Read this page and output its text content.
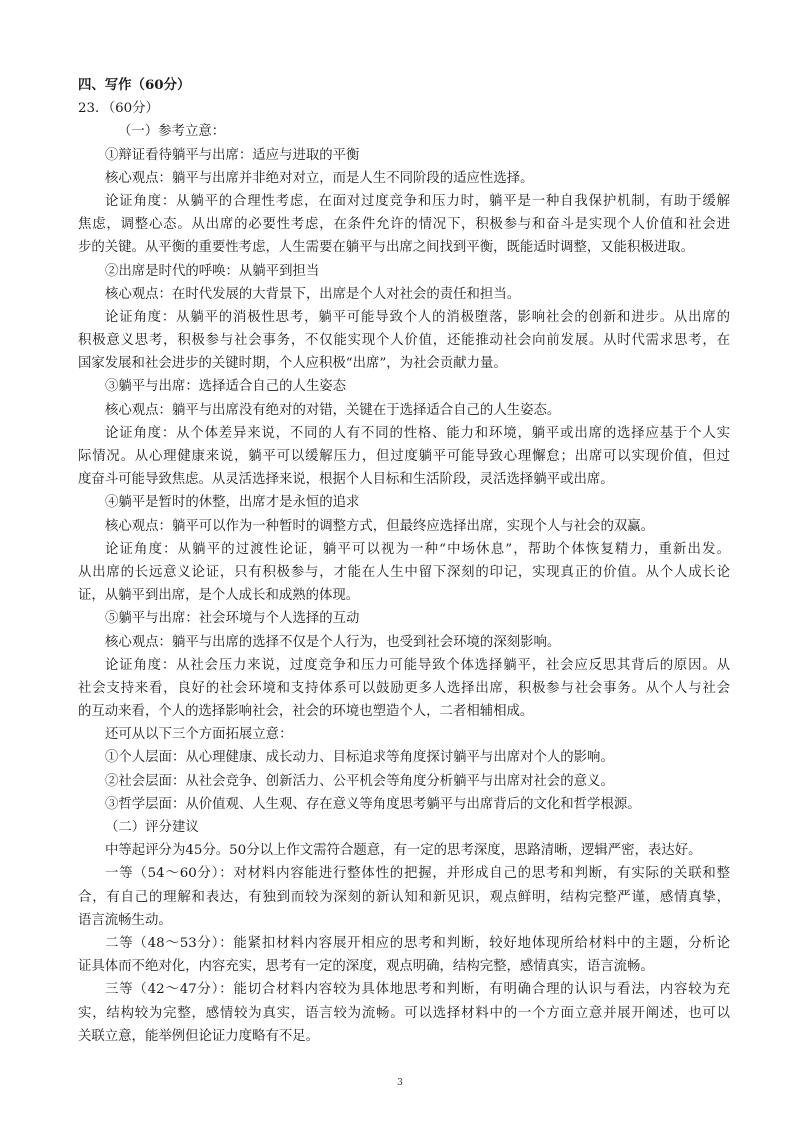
四、写作（60分）
23．（60分）
（一）参考立意：
①辩证看待躺平与出席：适应与进取的平衡
核心观点：躺平与出席并非绝对对立，而是人生不同阶段的适应性选择。
论证角度：从躺平的合理性考虑，在面对过度竞争和压力时，躺平是一种自我保护机制，有助于缓解
焦虑，调整心态。从出席的必要性考虑，在条件允许的情况下，积极参与和奋斗是实现个人价值和社会进
步的关键。从平衡的重要性考虑，人生需要在躺平与出席之间找到平衡，既能适时调整，又能积极进取。
②出席是时代的呼唤：从躺平到担当
核心观点：在时代发展的大背景下，出席是个人对社会的责任和担当。
论证角度：从躺平的消极性思考，躺平可能导致个人的消极堕落，影响社会的创新和进步。从出席的
积极意义思考，积极参与社会事务，不仅能实现个人价值，还能推动社会向前发展。从时代需求思考，在
国家发展和社会进步的关键时期，个人应积极“出席”，为社会贡献力量。
③躺平与出席：选择适合自己的人生姿态
核心观点：躺平与出席没有绝对的对错，关键在于选择适合自己的人生姿态。
论证角度：从个体差异来说，不同的人有不同的性格、能力和环境，躺平或出席的选择应基于个人实
际情况。从心理健康来说，躺平可以缓解压力，但过度躺平可能导致心理懈怠；出席可以实现价值，但过
度奋斗可能导致焦虑。从灵活选择来说，根据个人目标和生活阶段，灵活选择躺平或出席。
④躺平是暂时的休整，出席才是永恒的追求
核心观点：躺平可以作为一种暂时的调整方式，但最终应选择出席，实现个人与社会的双赢。
论证角度：从躺平的过渡性论证，躺平可以视为一种“中场休息”，帮助个体恢复精力，重新出发。
从出席的长远意义论证，只有积极参与，才能在人生中留下深刻的印记，实现真正的价值。从个人成长论
证，从躺平到出席，是个人成长和成熟的体现。
⑤躺平与出席：社会环境与个人选择的互动
核心观点：躺平与出席的选择不仅是个人行为，也受到社会环境的深刻影响。
论证角度：从社会压力来说，过度竞争和压力可能导致个体选择躺平，社会应反思其背后的原因。从
社会支持来看，良好的社会环境和支持体系可以鼓励更多人选择出席，积极参与社会事务。从个人与社会
的互动来看，个人的选择影响社会，社会的环境也塑造个人，二者相辅相成。
还可从以下三个方面拓展立意：
①个人层面：从心理健康、成长动力、目标追求等角度探讨躺平与出席对个人的影响。
②社会层面：从社会竞争、创新活力、公平机会等角度分析躺平与出席对社会的意义。
③哲学层面：从价值观、人生观、存在意义等角度思考躺平与出席背后的文化和哲学根源。
（二）评分建议
中等起评分为45分。50分以上作文需符合题意，有一定的思考深度，思路清晰，逻辑严密，表达好。
一等（54～60分）：对材料内容能进行整体性的把握，并形成自己的思考和判断，有实际的关联和整
合，有自己的理解和表达，有独到而较为深刻的新认知和新见识，观点鲜明，结构完整严谨，感情真挚，
语言流畅生动。
二等（48～53分）：能紧扣材料内容展开相应的思考和判断，较好地体现所给材料中的主题，分析论
证具体而不绝对化，内容充实，思考有一定的深度，观点明确，结构完整，感情真实，语言流畅。
三等（42～47分）：能切合材料内容较为具体地思考和判断，有明确合理的认识与看法，内容较为充
实，结构较为完整，感情较为真实，语言较为流畅。可以选择材料中的一个方面立意并展开阐述，也可以
关联立意，能举例但论证力度略有不足。
3
